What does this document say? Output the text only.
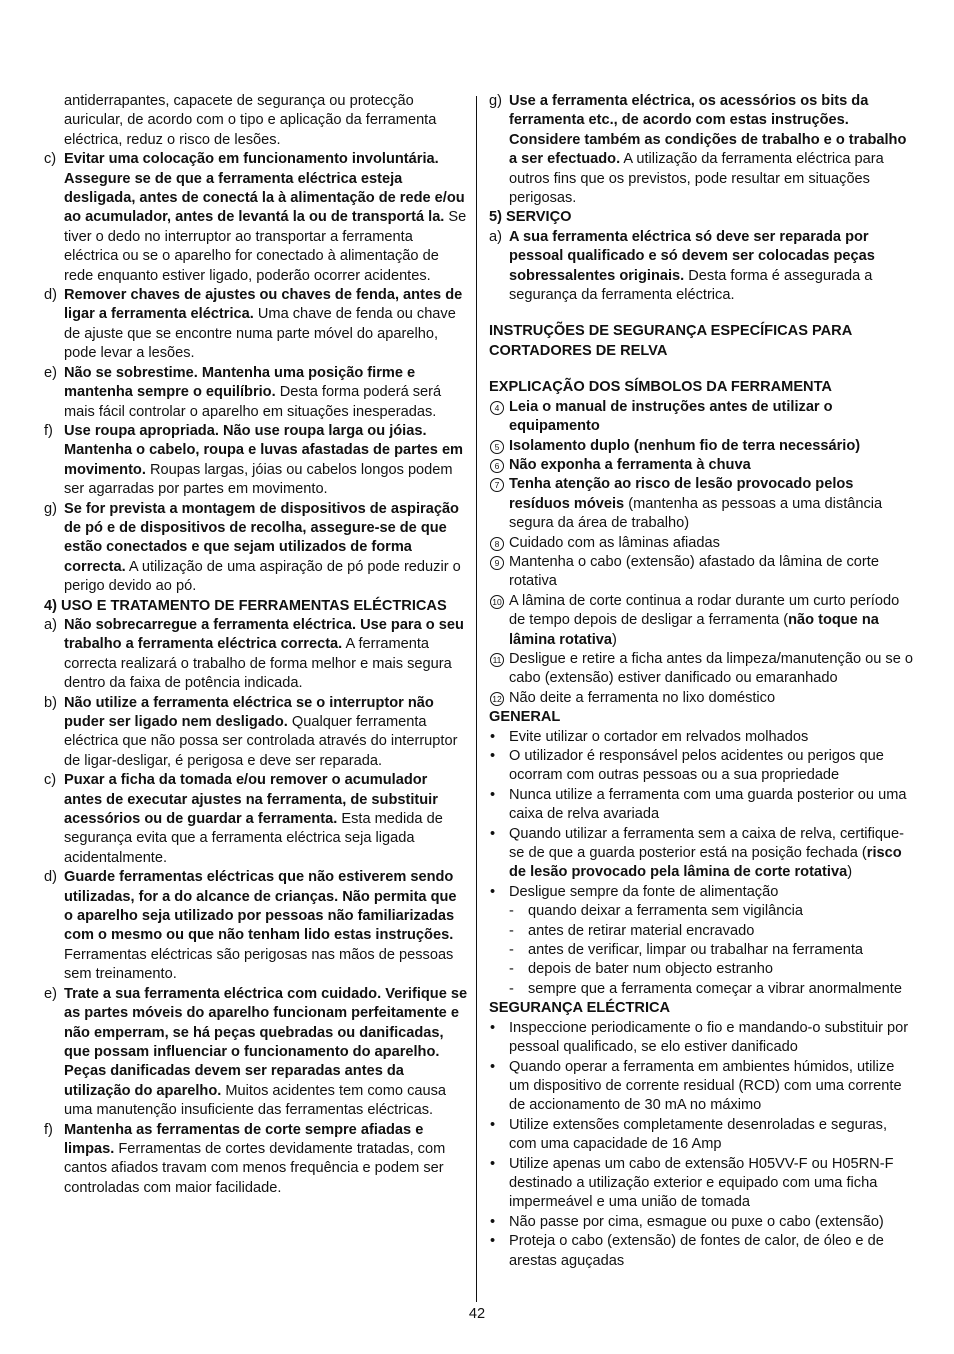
antiderrapantes, capacete de segurança ou protecção auricular, de acordo com o tipo e aplicação da ferramenta eléctrica, reduz o risco de lesões.
c) Evitar uma colocação em funcionamento involuntária. Assegure se de que a ferramenta eléctrica esteja desligada, antes de conectá la à alimentação de rede e/ou ao acumulador, antes de levantá la ou de transportá la. Se tiver o dedo no interruptor ao transportar a ferramenta eléctrica ou se o aparelho for conectado à alimentação de rede enquanto estiver ligado, poderão ocorrer acidentes.
d) Remover chaves de ajustes ou chaves de fenda, antes de ligar a ferramenta eléctrica. Uma chave de fenda ou chave de ajuste que se encontre numa parte móvel do aparelho, pode levar a lesões.
e) Não se sobrestime. Mantenha uma posição firme e mantenha sempre o equilíbrio. Desta forma poderá será mais fácil controlar o aparelho em situações inesperadas.
f) Use roupa apropriada. Não use roupa larga ou jóias. Mantenha o cabelo, roupa e luvas afastadas de partes em movimento. Roupas largas, jóias ou cabelos longos podem ser agarradas por partes em movimento.
g) Se for prevista a montagem de dispositivos de aspiração de pó e de dispositivos de recolha, assegure-se de que estão conectados e que sejam utilizados de forma correcta. A utilização de uma aspiração de pó pode reduzir o perigo devido ao pó.
4) USO E TRATAMENTO DE FERRAMENTAS ELÉCTRICAS
a) Não sobrecarregue a ferramenta eléctrica. Use para o seu trabalho a ferramenta eléctrica correcta. A ferramenta correcta realizará o trabalho de forma melhor e mais segura dentro da faixa de potência indicada.
b) Não utilize a ferramenta eléctrica se o interruptor não puder ser ligado nem desligado. Qualquer ferramenta eléctrica que não possa ser controlada através do interruptor de ligar-desligar, é perigosa e deve ser reparada.
c) Puxar a ficha da tomada e/ou remover o acumulador antes de executar ajustes na ferramenta, de substituir acessórios ou de guardar a ferramenta. Esta medida de segurança evita que a ferramenta eléctrica seja ligada acidentalmente.
d) Guarde ferramentas eléctricas que não estiverem sendo utilizadas, for a do alcance de crianças. Não permita que o aparelho seja utilizado por pessoas não familiarizadas com o mesmo ou que não tenham lido estas instruções. Ferramentas eléctricas são perigosas nas mãos de pessoas sem treinamento.
e) Trate a sua ferramenta eléctrica com cuidado. Verifique se as partes móveis do aparelho funcionam perfeitamente e não emperram, se há peças quebradas ou danificadas, que possam influenciar o funcionamento do aparelho. Peças danificadas devem ser reparadas antes da utilização do aparelho. Muitos acidentes tem como causa uma manutenção insuficiente das ferramentas eléctricas.
f) Mantenha as ferramentas de corte sempre afiadas e limpas. Ferramentas de cortes devidamente tratadas, com cantos afiados travam com menos frequência e podem ser controladas com maior facilidade.
g) Use a ferramenta eléctrica, os acessórios os bits da ferramenta etc., de acordo com estas instruções. Considere também as condições de trabalho e o trabalho a ser efectuado. A utilização da ferramenta eléctrica para outros fins que os previstos, pode resultar em situações perigosas.
5) SERVIÇO
a) A sua ferramenta eléctrica só deve ser reparada por pessoal qualificado e só devem ser colocadas peças sobressalentes originais. Desta forma é assegurada a segurança da ferramenta eléctrica.
INSTRUÇÕES DE SEGURANÇA ESPECÍFICAS PARA CORTADORES DE RELVA
EXPLICAÇÃO DOS SÍMBOLOS DA FERRAMENTA
4 Leia o manual de instruções antes de utilizar o equipamento
5 Isolamento duplo (nenhum fio de terra necessário)
6 Não exponha a ferramenta à chuva
7 Tenha atenção ao risco de lesão provocado pelos resíduos móveis (mantenha as pessoas a uma distância segura da área de trabalho)
8 Cuidado com as lâminas afiadas
9 Mantenha o cabo (extensão) afastado da lâmina de corte rotativa
10 A lâmina de corte continua a rodar durante um curto período de tempo depois de desligar a ferramenta (não toque na lâmina rotativa)
11 Desligue e retire a ficha antes da limpeza/manutenção ou se o cabo (extensão) estiver danificado ou emaranhado
12 Não deite a ferramenta no lixo doméstico
GENERAL
• Evite utilizar o cortador em relvados molhados
• O utilizador é responsável pelos acidentes ou perigos que ocorram com outras pessoas ou a sua propriedade
• Nunca utilize a ferramenta com uma guarda posterior ou uma caixa de relva avariada
• Quando utilizar a ferramenta sem a caixa de relva, certifique-se de que a guarda posterior está na posição fechada (risco de lesão provocado pela lâmina de corte rotativa)
• Desligue sempre da fonte de alimentação
- quando deixar a ferramenta sem vigilância
- antes de retirar material encravado
- antes de verificar, limpar ou trabalhar na ferramenta
- depois de bater num objecto estranho
- sempre que a ferramenta começar a vibrar anormalmente
SEGURANÇA ELÉCTRICA
• Inspeccione periodicamente o fio e mandando-o substituir por pessoal qualificado, se elo estiver danificado
• Quando operar a ferramenta em ambientes húmidos, utilize um dispositivo de corrente residual (RCD) com uma corrente de accionamento de 30 mA no máximo
• Utilize extensões completamente desenroladas e seguras, com uma capacidade de 16 Amp
• Utilize apenas um cabo de extensão H05VV-F ou H05RN-F destinado a utilização exterior e equipado com uma ficha impermeável e uma união de tomada
• Não passe por cima, esmague ou puxe o cabo (extensão)
• Proteja o cabo (extensão) de fontes de calor, de óleo e de arestas aguçadas
42
